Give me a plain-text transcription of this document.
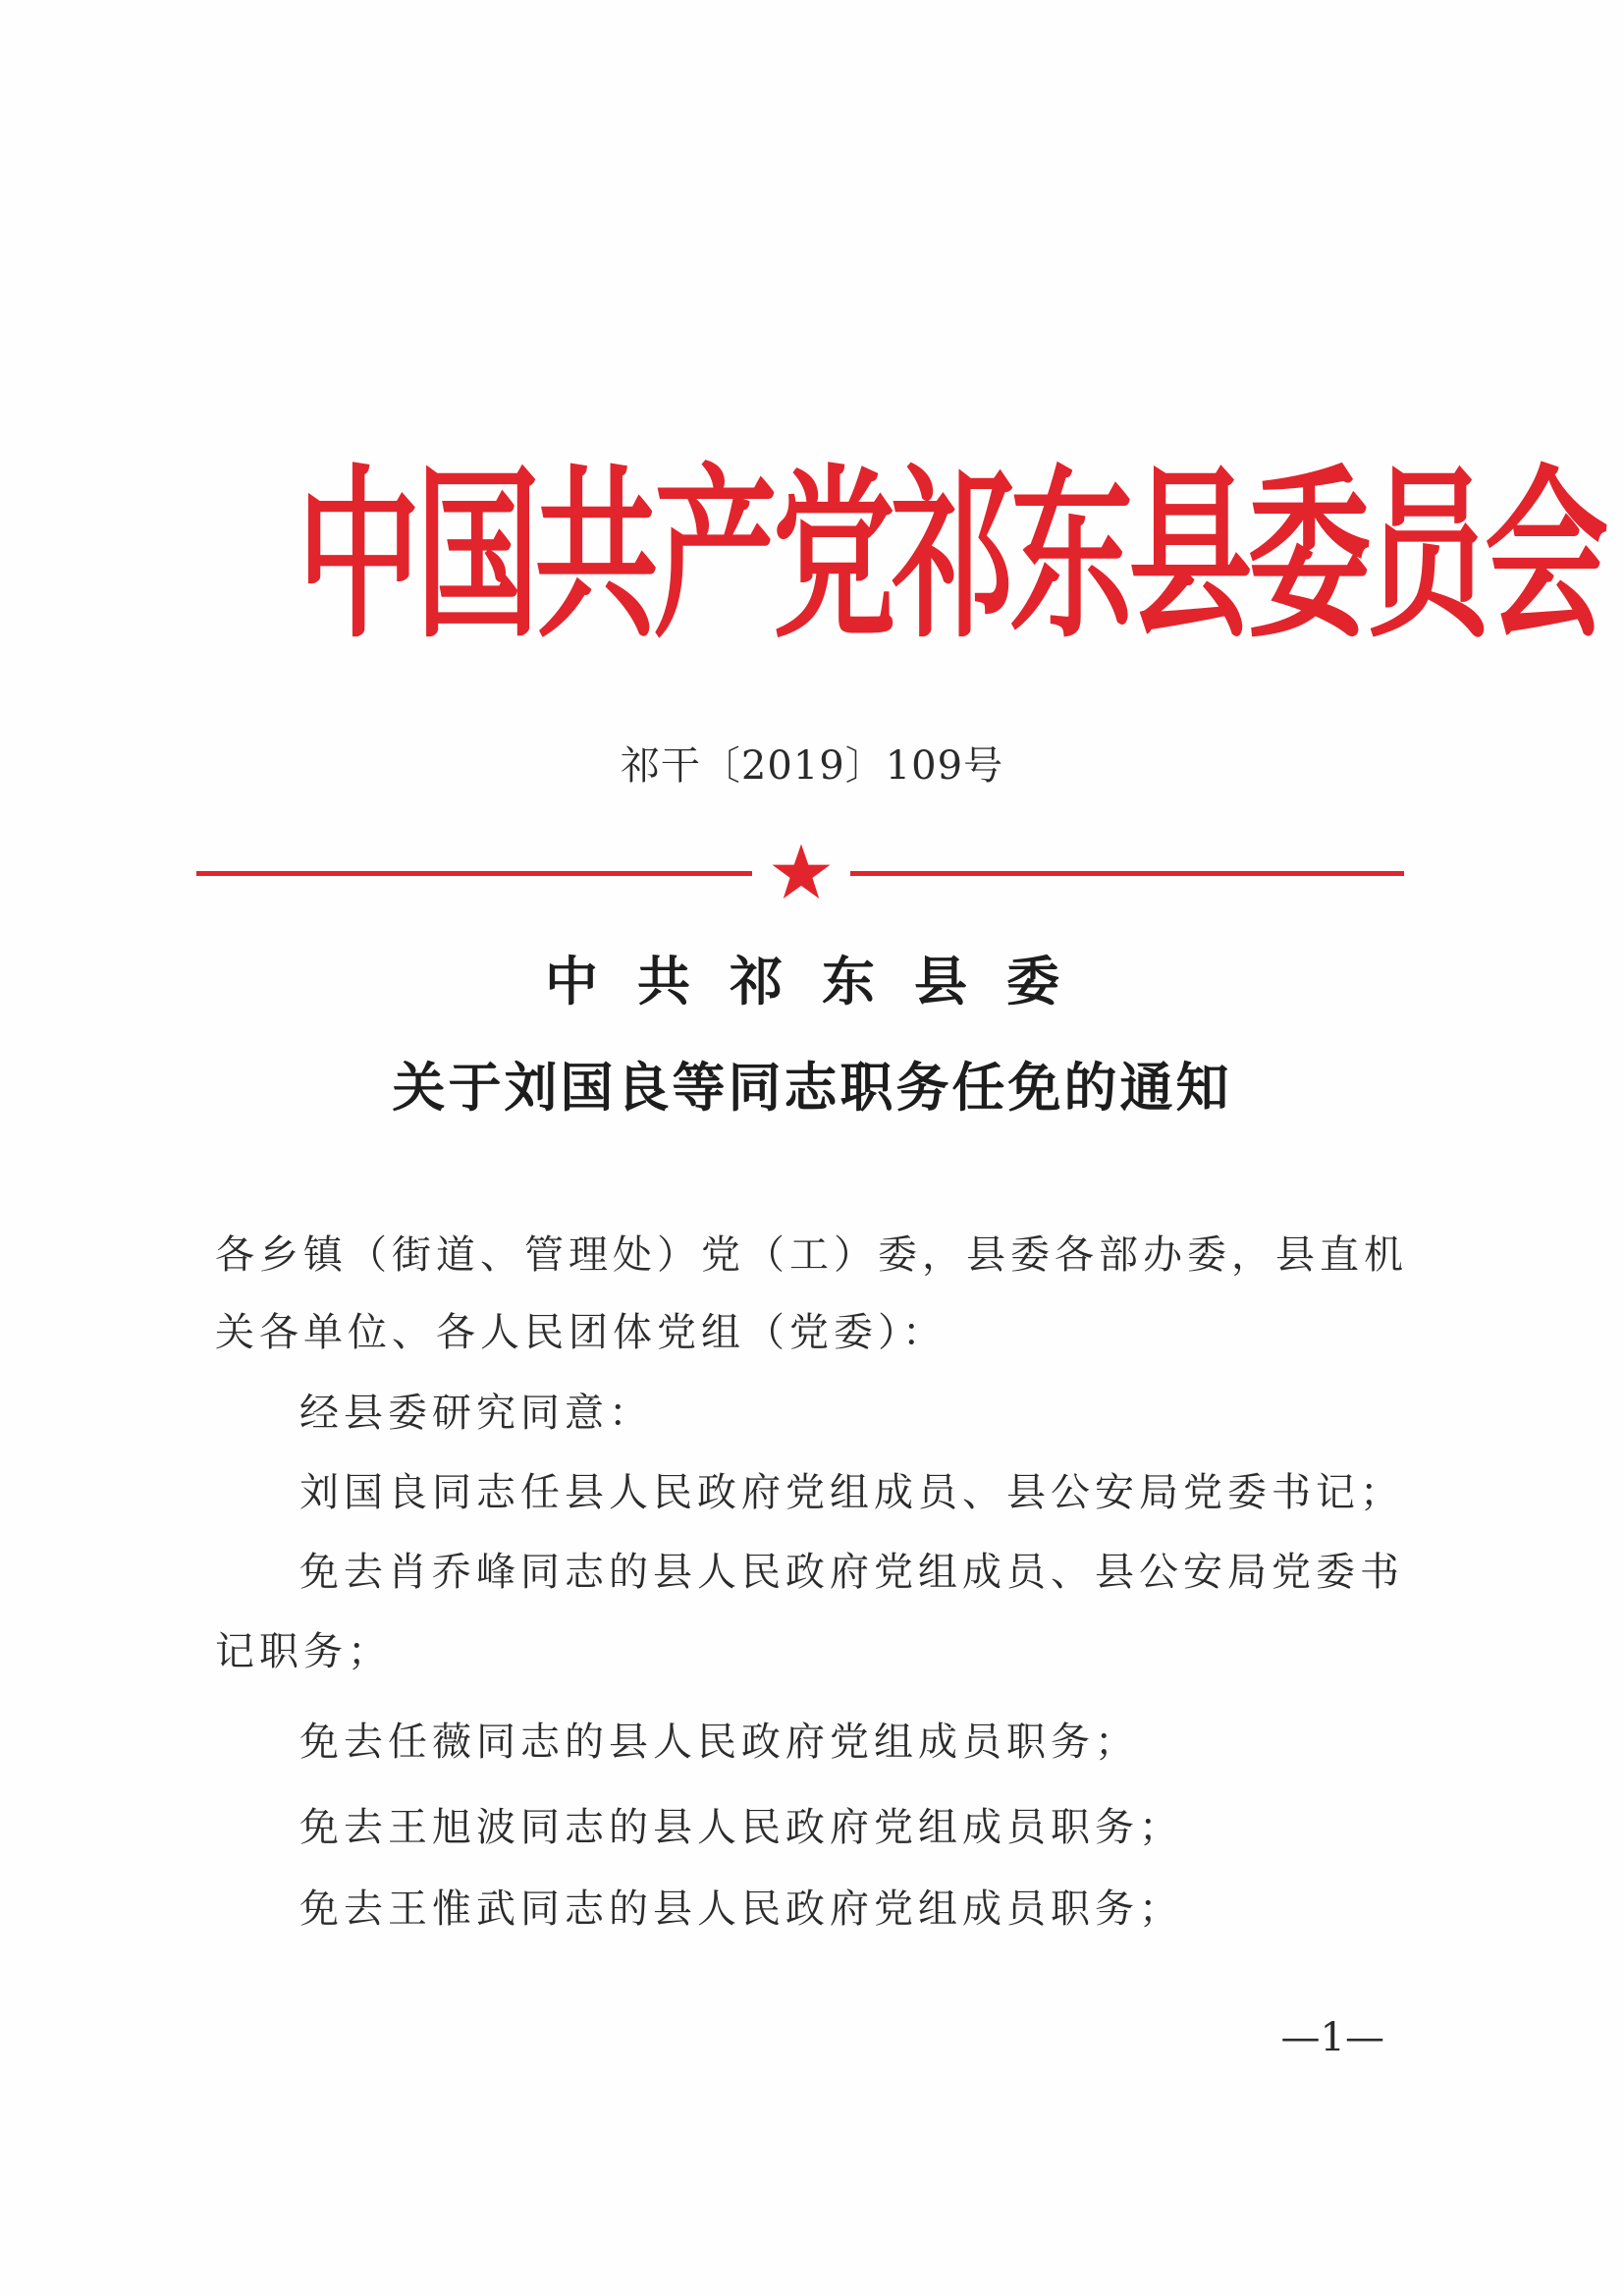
中国共产党祁东县委员会
祁干〔2019〕109号
中共祁东县委
关于刘国良等同志职务任免的通知
各乡镇（街道、管理处）党（工）委，县委各部办委，县直机
关各单位、各人民团体党组（党委）：
经县委研究同意：
刘国良同志任县人民政府党组成员、县公安局党委书记；
免去肖乔峰同志的县人民政府党组成员、县公安局党委书
记职务；
免去任薇同志的县人民政府党组成员职务；
免去王旭波同志的县人民政府党组成员职务；
免去王惟武同志的县人民政府党组成员职务；
—1—
